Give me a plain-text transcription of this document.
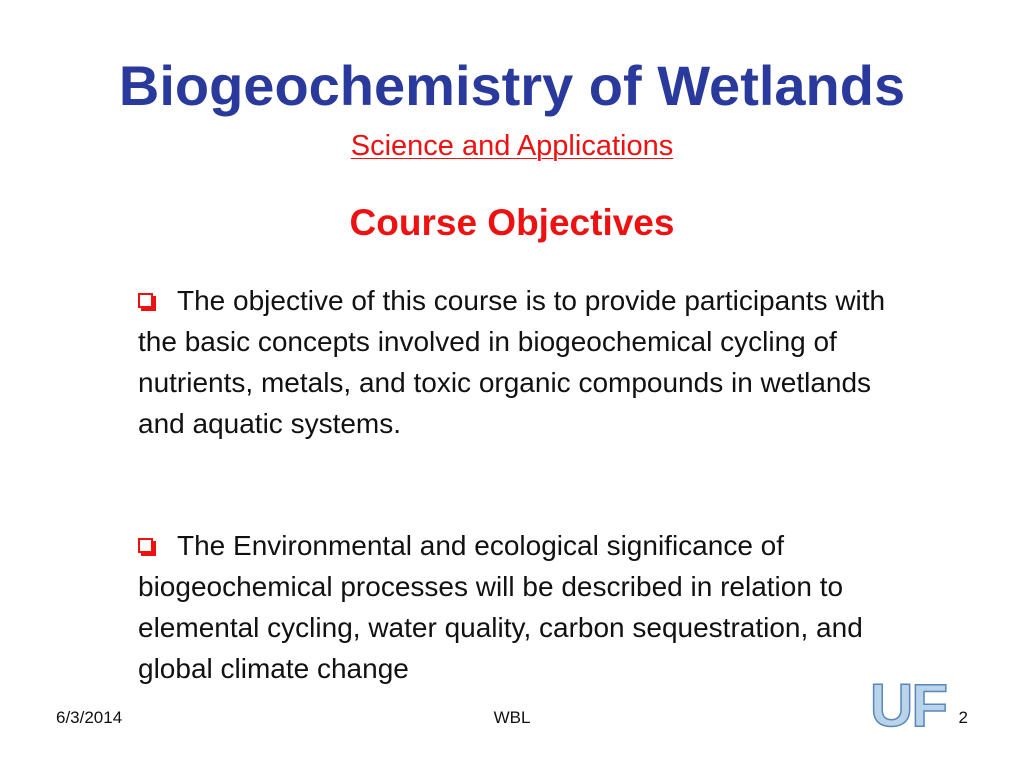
Biogeochemistry of Wetlands
Science and Applications
Course Objectives

The objective of this course is to provide participants with the basic concepts involved in biogeochemical cycling of nutrients, metals, and toxic organic compounds in wetlands and aquatic systems.

The Environmental and ecological significance of biogeochemical processes will be described in relation to elemental cycling, water quality, carbon sequestration, and global climate change

6/3/2014	WBL	UF 2
